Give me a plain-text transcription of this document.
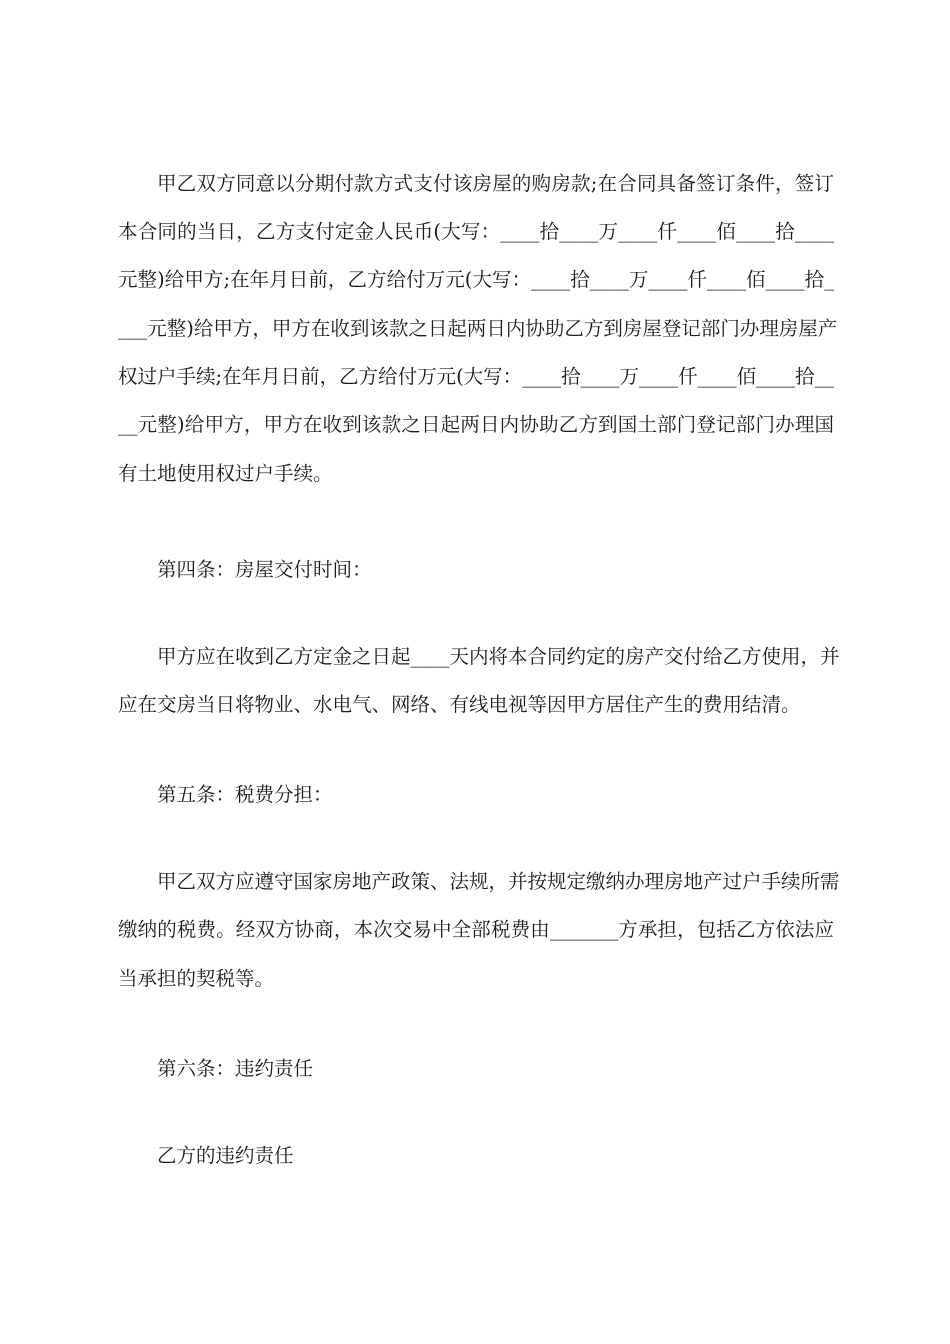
甲乙双方同意以分期付款方式支付该房屋的购房款;在合同具备签订条件，签订
本合同的当日，乙方支付定金人民币(大写：____拾____万____仟____佰____拾____
元整)给甲方;在年月日前，乙方给付万元(大写：____拾____万____仟____佰____拾_
___元整)给甲方，甲方在收到该款之日起两日内协助乙方到房屋登记部门办理房屋产
权过户手续;在年月日前，乙方给付万元(大写：____拾____万____仟____佰____拾__
__元整)给甲方，甲方在收到该款之日起两日内协助乙方到国土部门登记部门办理国
有土地使用权过户手续。
第四条：房屋交付时间：
甲方应在收到乙方定金之日起____天内将本合同约定的房产交付给乙方使用，并
应在交房当日将物业、水电气、网络、有线电视等因甲方居住产生的费用结清。
第五条：税费分担：
甲乙双方应遵守国家房地产政策、法规，并按规定缴纳办理房地产过户手续所需
缴纳的税费。经双方协商，本次交易中全部税费由_______方承担，包括乙方依法应
当承担的契税等。
第六条：违约责任
乙方的违约责任
